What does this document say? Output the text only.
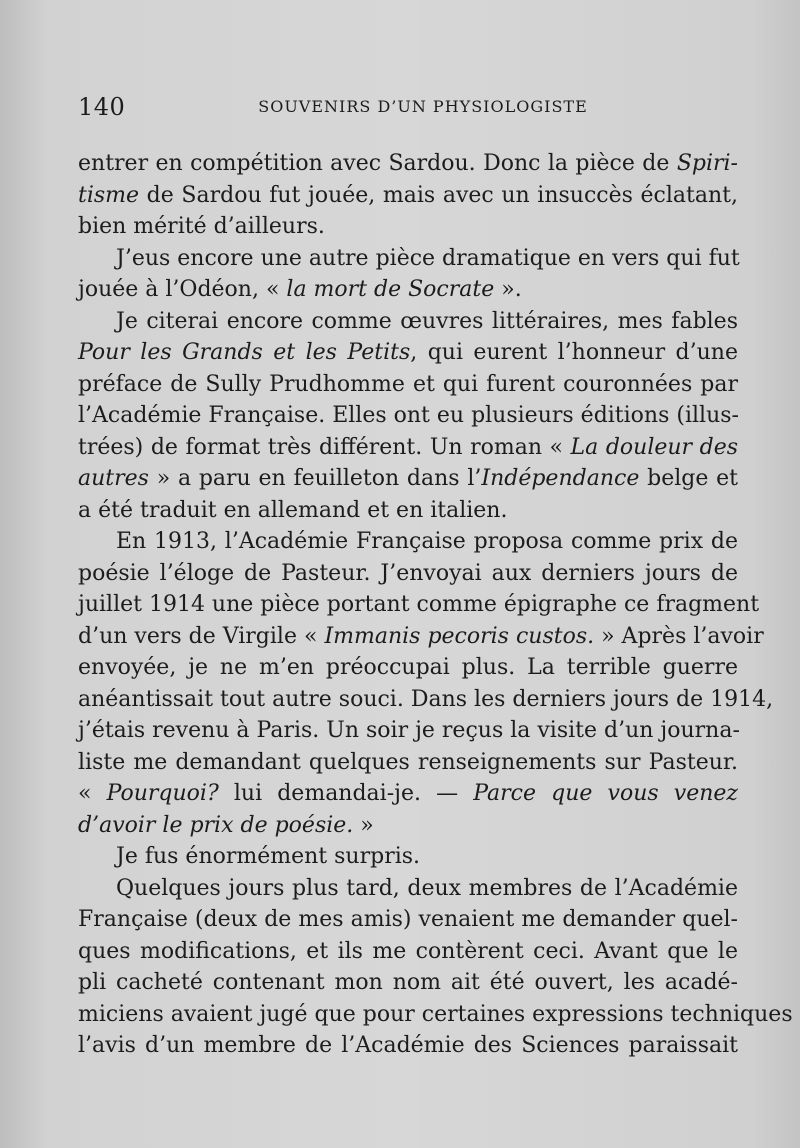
140	SOUVENIRS D’UN PHYSIOLOGISTE
entrer en compétition avec Sardou. Donc la pièce de Spiri-
tisme de Sardou fut jouée, mais avec un insuccès éclatant,
bien mérité d’ailleurs.
J’eus encore une autre pièce dramatique en vers qui fut
jouée à l’Odéon, « la mort de Socrate ».
Je citerai encore comme œuvres littéraires, mes fables
Pour les Grands et les Petits, qui eurent l’honneur d’une
préface de Sully Prudhomme et qui furent couronnées par
l’Académie Française. Elles ont eu plusieurs éditions (illus-
trées) de format très différent. Un roman « La douleur des
autres » a paru en feuilleton dans l’Indépendance belge et
a été traduit en allemand et en italien.
En 1913, l’Académie Française proposa comme prix de
poésie l’éloge de Pasteur. J’envoyai aux derniers jours de
juillet 1914 une pièce portant comme épigraphe ce fragment
d’un vers de Virgile « Immanis pecoris custos. » Après l’avoir
envoyée, je ne m’en préoccupai plus. La terrible guerre
anéantissait tout autre souci. Dans les derniers jours de 1914,
j’étais revenu à Paris. Un soir je reçus la visite d’un journa-
liste me demandant quelques renseignements sur Pasteur.
« Pourquoi? lui demandai-je. — Parce que vous venez
d’avoir le prix de poésie. »
Je fus énormément surpris.
Quelques jours plus tard, deux membres de l’Académie
Française (deux de mes amis) venaient me demander quel-
ques modifications, et ils me contèrent ceci. Avant que le
pli cacheté contenant mon nom ait été ouvert, les acadé-
miciens avaient jugé que pour certaines expressions techniques
l’avis d’un membre de l’Académie des Sciences paraissait
